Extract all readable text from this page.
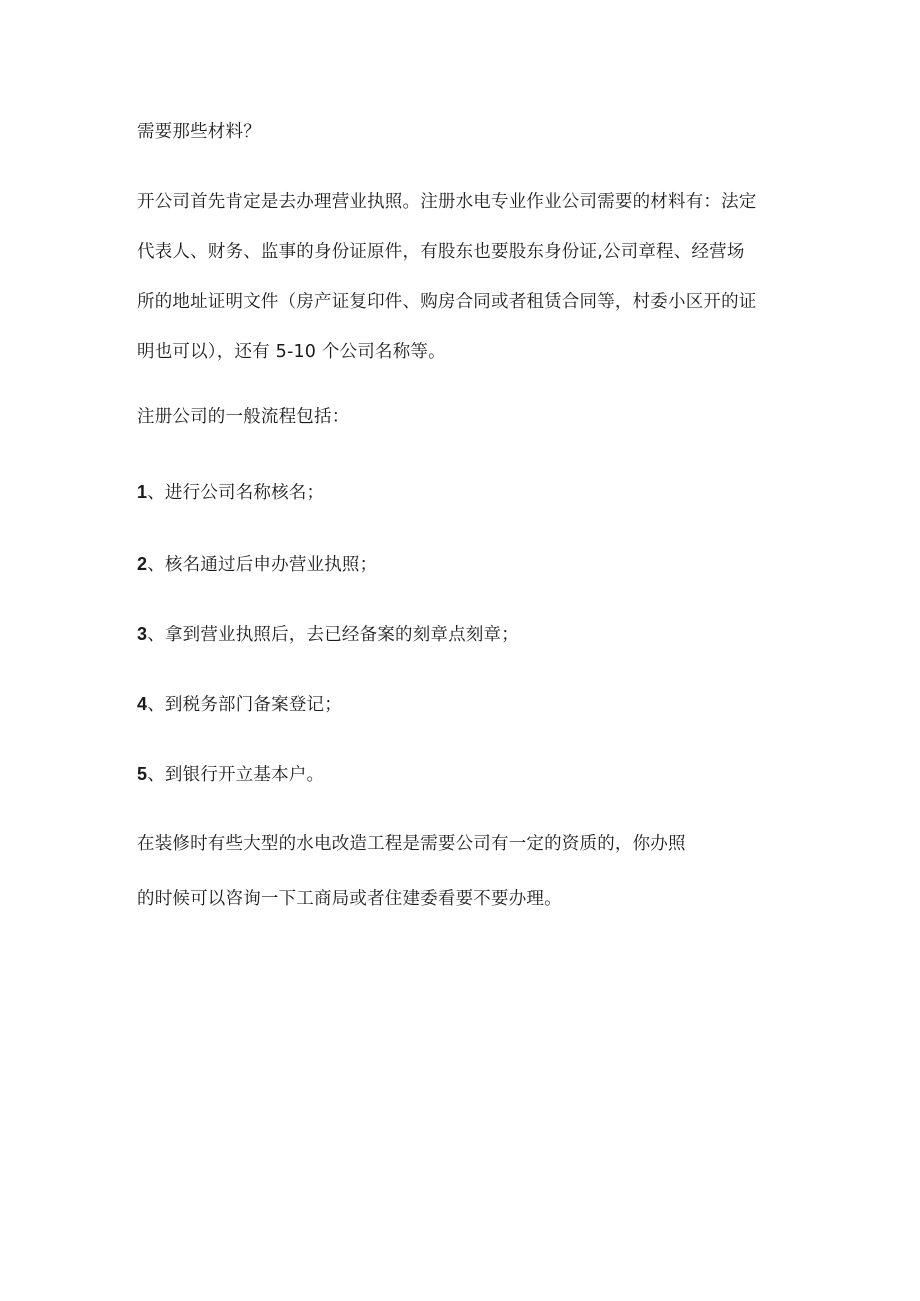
需要那些材料？

开公司首先肯定是去办理营业执照。注册水电专业作业公司需要的材料有：法定

代表人、财务、监事的身份证原件，有股东也要股东身份证,公司章程、经营场

所的地址证明文件（房产证复印件、购房合同或者租赁合同等，村委小区开的证

明也可以），还有 5-10 个公司名称等。

注册公司的一般流程包括：

1、进行公司名称核名；

2、核名通过后申办营业执照；

3、拿到营业执照后，去已经备案的刻章点刻章；

4、到税务部门备案登记；

5、到银行开立基本户。

在装修时有些大型的水电改造工程是需要公司有一定的资质的，你办照

的时候可以咨询一下工商局或者住建委看要不要办理。
